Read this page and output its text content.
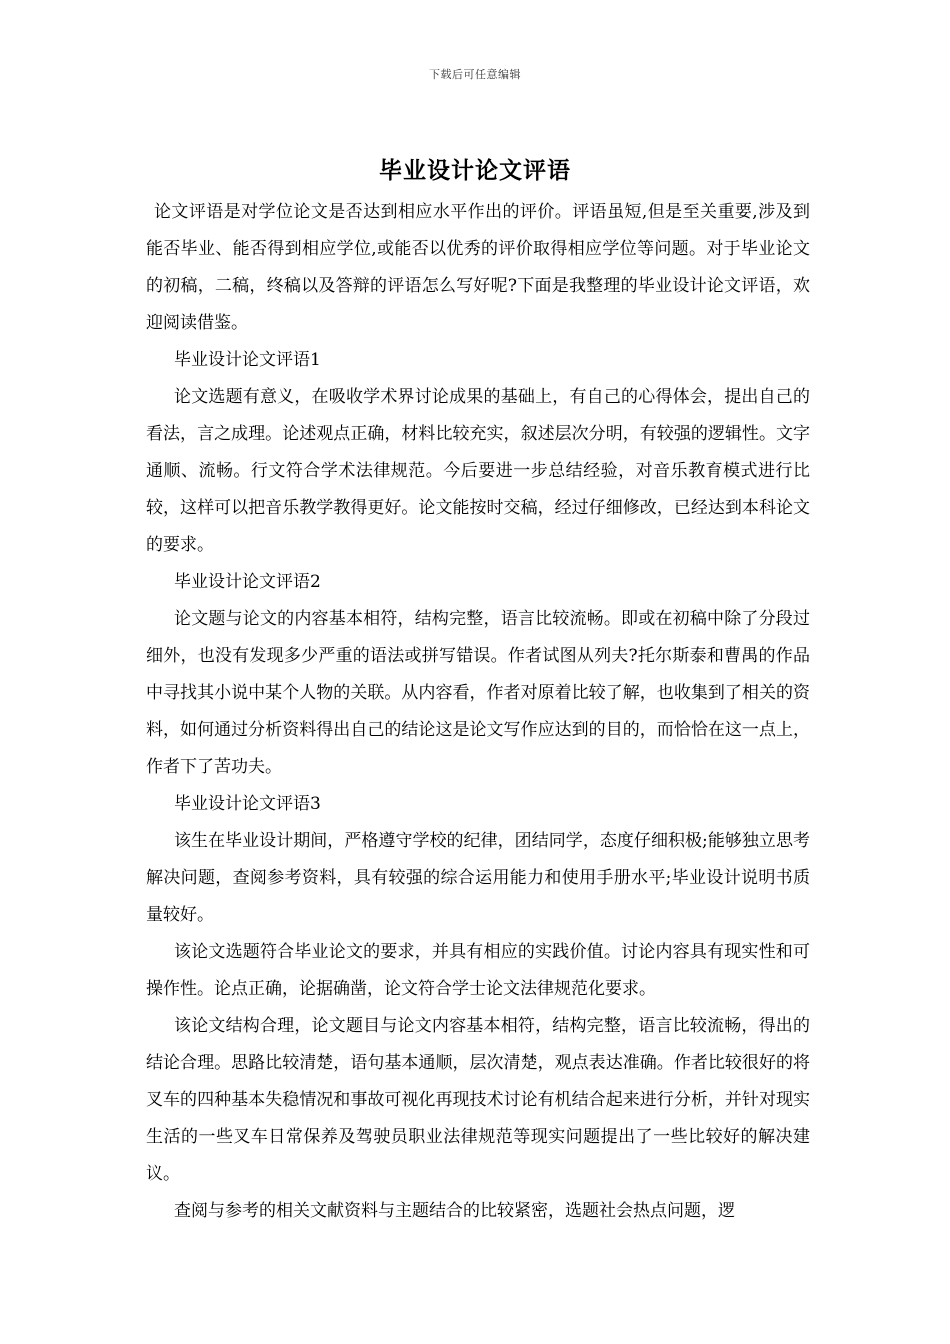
下载后可任意编辑
毕业设计论文评语

论文评语是对学位论文是否达到相应水平作出的评价。评语虽短,但是至关重要,涉及到能否毕业、能否得到相应学位,或能否以优秀的评价取得相应学位等问题。对于毕业论文的初稿，二稿，终稿以及答辩的评语怎么写好呢?下面是我整理的毕业设计论文评语，欢迎阅读借鉴。

毕业设计论文评语1

论文选题有意义，在吸收学术界讨论成果的基础上，有自己的心得体会，提出自己的看法，言之成理。论述观点正确，材料比较充实，叙述层次分明，有较强的逻辑性。文字通顺、流畅。行文符合学术法律规范。今后要进一步总结经验，对音乐教育模式进行比较，这样可以把音乐教学教得更好。论文能按时交稿，经过仔细修改，已经达到本科论文的要求。

毕业设计论文评语2

论文题与论文的内容基本相符，结构完整，语言比较流畅。即或在初稿中除了分段过细外，也没有发现多少严重的语法或拼写错误。作者试图从列夫?托尔斯泰和曹禺的作品中寻找其小说中某个人物的关联。从内容看，作者对原着比较了解，也收集到了相关的资料，如何通过分析资料得出自己的结论这是论文写作应达到的目的，而恰恰在这一点上，作者下了苦功夫。

毕业设计论文评语3

该生在毕业设计期间，严格遵守学校的纪律，团结同学，态度仔细积极;能够独立思考解决问题，查阅参考资料，具有较强的综合运用能力和使用手册水平;毕业设计说明书质量较好。

该论文选题符合毕业论文的要求，并具有相应的实践价值。讨论内容具有现实性和可操作性。论点正确，论据确凿，论文符合学士论文法律规范化要求。

该论文结构合理，论文题目与论文内容基本相符，结构完整，语言比较流畅，得出的结论合理。思路比较清楚，语句基本通顺，层次清楚，观点表达准确。作者比较很好的将叉车的四种基本失稳情况和事故可视化再现技术讨论有机结合起来进行分析，并针对现实生活的一些叉车日常保养及驾驶员职业法律规范等现实问题提出了一些比较好的解决建议。

查阅与参考的相关文献资料与主题结合的比较紧密，选题社会热点问题，逻
